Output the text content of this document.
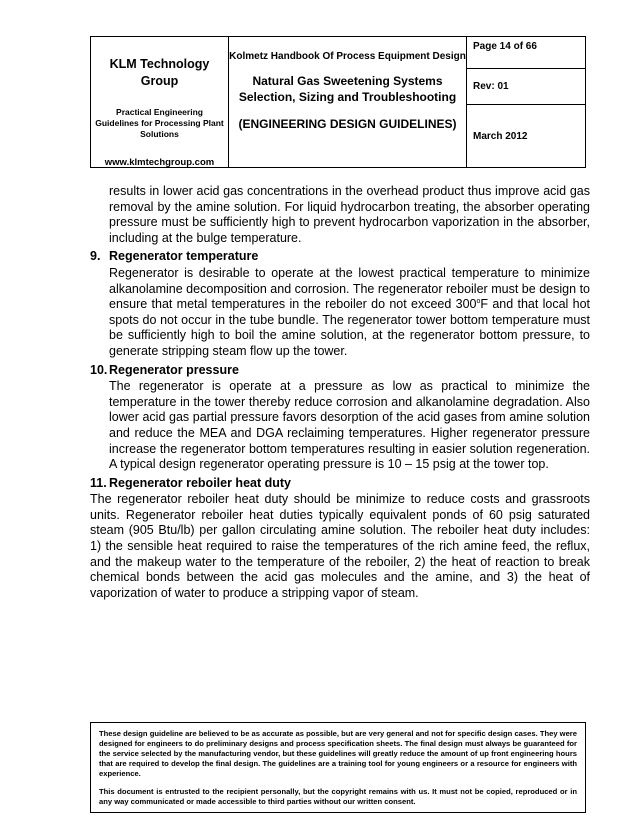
KLM Technology Group
Practical Engineering Guidelines for Processing Plant Solutions
www.klmtechgroup.com
Kolmetz Handbook Of Process Equipment Design
Natural Gas Sweetening Systems Selection, Sizing and Troubleshooting
(ENGINEERING DESIGN GUIDELINES)
Page 14 of 66
Rev: 01
March 2012

results in lower acid gas concentrations in the overhead product thus improve acid gas removal by the amine solution. For liquid hydrocarbon treating, the absorber operating pressure must be sufficiently high to prevent hydrocarbon vaporization in the absorber, including at the bulge temperature.

9. Regenerator temperature

Regenerator is desirable to operate at the lowest practical temperature to minimize alkanolamine decomposition and corrosion. The regenerator reboiler must be design to ensure that metal temperatures in the reboiler do not exceed 300$^o$F and that local hot spots do not occur in the tube bundle. The regenerator tower bottom temperature must be sufficiently high to boil the amine solution, at the regenerator bottom pressure, to generate stripping steam flow up the tower.

10. Regenerator pressure

The regenerator is operate at a pressure as low as practical to minimize the temperature in the tower thereby reduce corrosion and alkanolamine degradation. Also lower acid gas partial pressure favors desorption of the acid gases from amine solution and reduce the MEA and DGA reclaiming temperatures. Higher regenerator pressure increase the regenerator bottom temperatures resulting in easier solution regeneration. A typical design regenerator operating pressure is 10 – 15 psig at the tower top.

11. Regenerator reboiler heat duty

The regenerator reboiler heat duty should be minimize to reduce costs and grassroots units. Regenerator reboiler heat duties typically equivalent ponds of 60 psig saturated steam (905 Btu/lb) per gallon circulating amine solution. The reboiler heat duty includes: 1) the sensible heat required to raise the temperatures of the rich amine feed, the reflux, and the makeup water to the temperature of the reboiler, 2) the heat of reaction to break chemical bonds between the acid gas molecules and the amine, and 3) the heat of vaporization of water to produce a stripping vapor of steam.

These design guideline are believed to be as accurate as possible, but are very general and not for specific design cases. They were designed for engineers to do preliminary designs and process specification sheets. The final design must always be guaranteed for the service selected by the manufacturing vendor, but these guidelines will greatly reduce the amount of up front engineering hours that are required to develop the final design. The guidelines are a training tool for young engineers or a resource for engineers with experience.

This document is entrusted to the recipient personally, but the copyright remains with us. It must not be copied, reproduced or in any way communicated or made accessible to third parties without our written consent.
